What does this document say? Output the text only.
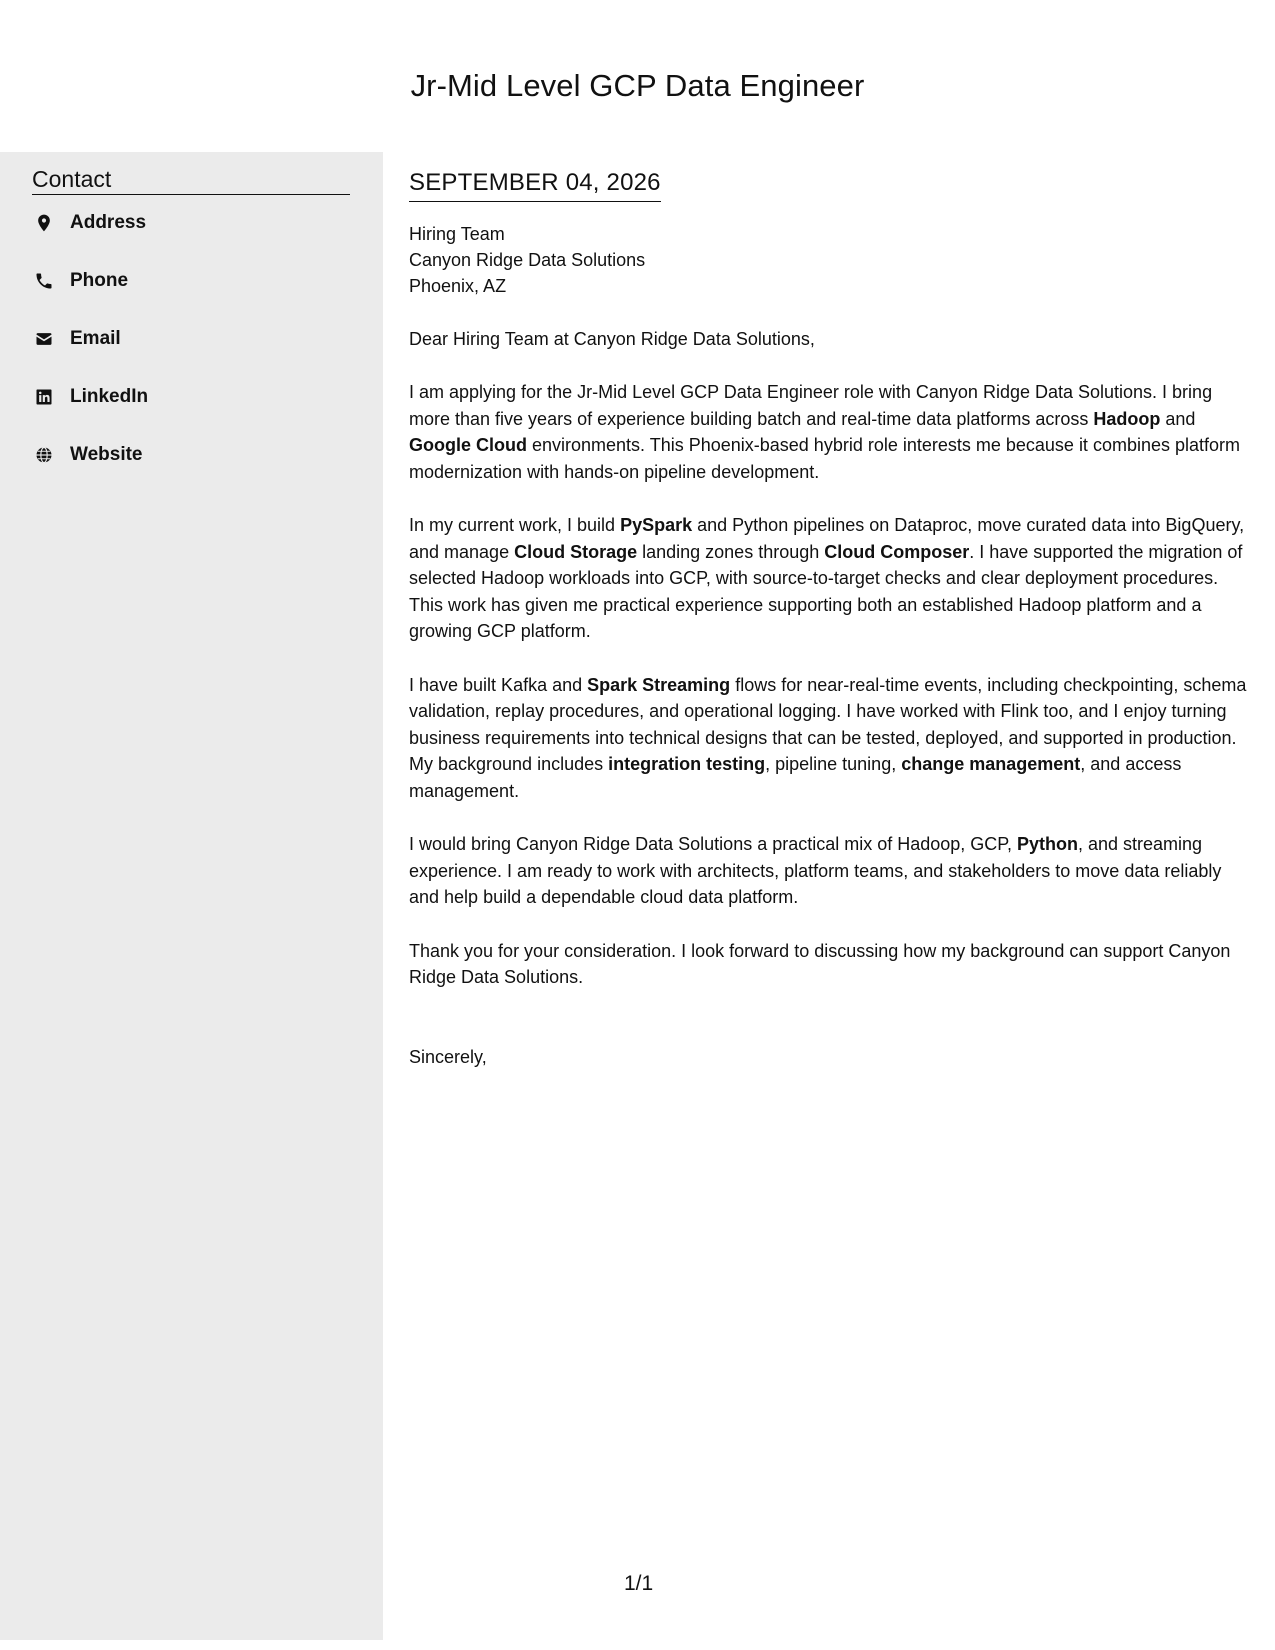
Jr-Mid Level GCP Data Engineer
Contact
Address
Phone
Email
LinkedIn
Website
SEPTEMBER 04, 2026
Hiring Team
Canyon Ridge Data Solutions
Phoenix, AZ

Dear Hiring Team at Canyon Ridge Data Solutions,

I am applying for the Jr-Mid Level GCP Data Engineer role with Canyon Ridge Data Solutions. I bring more than five years of experience building batch and real-time data platforms across Hadoop and Google Cloud environments. This Phoenix-based hybrid role interests me because it combines platform modernization with hands-on pipeline development.

In my current work, I build PySpark and Python pipelines on Dataproc, move curated data into BigQuery, and manage Cloud Storage landing zones through Cloud Composer. I have supported the migration of selected Hadoop workloads into GCP, with source-to-target checks and clear deployment procedures. This work has given me practical experience supporting both an established Hadoop platform and a growing GCP platform.

I have built Kafka and Spark Streaming flows for near-real-time events, including checkpointing, schema validation, replay procedures, and operational logging. I have worked with Flink too, and I enjoy turning business requirements into technical designs that can be tested, deployed, and supported in production. My background includes integration testing, pipeline tuning, change management, and access management.

I would bring Canyon Ridge Data Solutions a practical mix of Hadoop, GCP, Python, and streaming experience. I am ready to work with architects, platform teams, and stakeholders to move data reliably and help build a dependable cloud data platform.

Thank you for your consideration. I look forward to discussing how my background can support Canyon Ridge Data Solutions.

Sincerely,

1/1
